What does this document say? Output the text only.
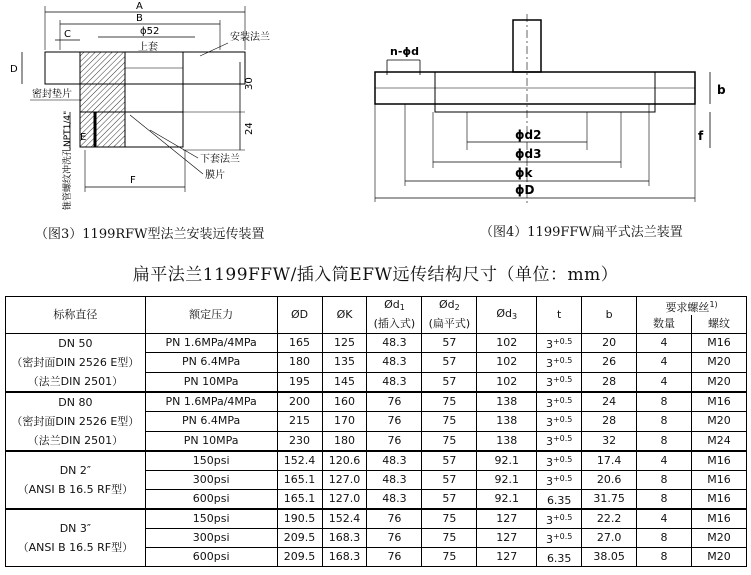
A
B
ϕ52
C
上套
安装法兰
D
30
24
密封垫片
E
锥管螺纹冲洗孔NPT1/4"	下套法兰
膜片
F
（图3）1199RFW型法兰安装远传装置
n-ϕd
b
f
ϕd2
ϕd3
ϕk
ϕD
（图4）1199FFW扁平式法兰装置
扁平法兰1199FFW/插入筒EFW远传结构尺寸（单位：mm）
标称直径	额定压力	ØD	ØK	$Ød_1$	$Ød_2$	$Ød_3$	t	b	要求螺丝$^{1)}$
				(插入式)	(扁平式)				数量	螺纹

DN 50
（密封面DIN 2526 E型）
（法兰DIN 2501）	PN 1.6MPa/4MPa	165	125	48.3	57	102	$3^{+0.5}$	20	4	M16
	PN 6.4MPa	180	135	48.3	57	102	$3^{+0.5}$	26	4	M20
	PN 10MPa	195	145	48.3	57	102	$3^{+0.5}$	28	4	M20

DN 80
（密封面DIN 2526 E型）
（法兰DIN 2501）	PN 1.6MPa/4MPa	200	160	76	75	138	$3^{+0.5}$	24	8	M16
	PN 6.4MPa	215	170	76	75	138	$3^{+0.5}$	28	8	M20
	PN 10MPa	230	180	76	75	138	$3^{+0.5}$	32	8	M24

DN 2″
（ANSI B 16.5 RF型）	150psi	152.4	120.6	48.3	57	92.1	$3^{+0.5}$	17.4	4	M16
	300psi	165.1	127.0	48.3	57	92.1	$3^{+0.5}$	20.6	8	M16
	600psi	165.1	127.0	48.3	57	92.1	6.35	31.75	8	M16

DN 3″
（ANSI B 16.5 RF型）	150psi	190.5	152.4	76	75	127	$3^{+0.5}$	22.2	4	M16
	300psi	209.5	168.3	76	75	127	$3^{+0.5}$	27.0	8	M20
	600psi	209.5	168.3	76	75	127	6.35	38.05	8	M20
